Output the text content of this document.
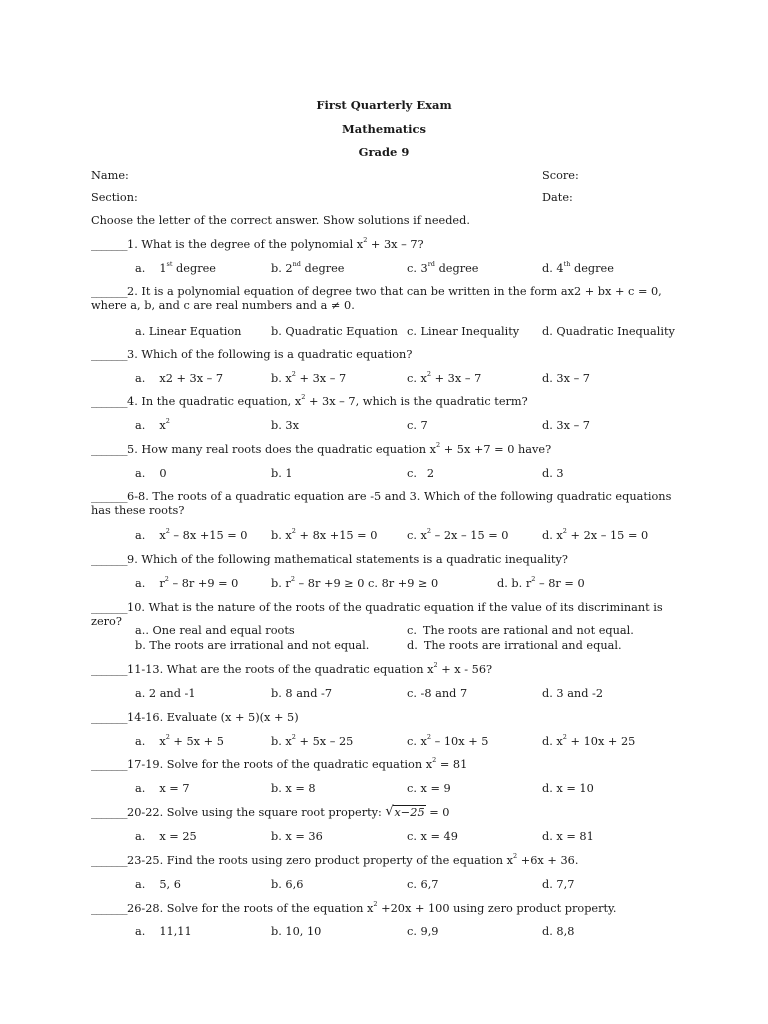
First Quarterly Exam
Mathematics
Grade 9
Name:	Score:
Section:	Date:
Choose the letter of the correct answer. Show solutions if needed.
_______1. What is the degree of the polynomial $x^2 + 3x - 7$?
a. 1st degree	b. 2nd degree	c. 3rd degree	d. 4th degree
_______2. It is a polynomial equation of degree two that can be written in the form ax2 + bx + c = 0,
where a, b, and c are real numbers and a ≠ 0.
a. Linear Equation	b. Quadratic Equation c. Linear Inequality d. Quadratic Inequality
_______3. Which of the following is a quadratic equation?
a. x2 + 3x – 7	b. $x^2 + 3x - 7$	c. $x^2 + 3x - 7$	d. 3x – 7
_______4. In the quadratic equation, $x^2 + 3x - 7$, which is the quadratic term?
a. $x^2$	b. 3x	c. 7	d. 3x – 7
_______5. How many real roots does the quadratic equation $x^2 + 5x +7 = 0$ have?
a. 0	b. 1	c. 2	d. 3
_______6-8. The roots of a quadratic equation are -5 and 3. Which of the following quadratic equations
has these roots?
a. $x^2 - 8x +15 = 0$ b. $x^2 + 8x +15 = 0$	c. $x^2 - 2x - 15 = 0$	d. $x^2 + 2x - 15 = 0$
_______9. Which of the following mathematical statements is a quadratic inequality?
a. $r^2 - 8r +9 = 0$	b. $r^2 - 8r +9 \ge 0$ c. 8r +9 ≥ 0	d. b. $r^2 - 8r = 0$
_______10. What is the nature of the roots of the quadratic equation if the value of its discriminant is zero?
a.. One real and equal roots	c. The roots are rational and not equal.
b. The roots are irrational and not equal.	d. The roots are irrational and equal.
_______11-13. What are the roots of the quadratic equation $x^2 + x - 56$?
a. 2 and -1	b. 8 and -7	c. -8 and 7	d. 3 and -2
_______14-16. Evaluate (x + 5)(x + 5)
a. $x^2 + 5x + 5$	b. $x^2 + 5x - 25$	c. $x^2 - 10x + 5$	d. $x^2 + 10x + 25$
_______17-19. Solve for the roots of the quadratic equation $x^2 = 81$
a. x = 7	b. x = 8	c. x = 9	d. x = 10
_______20-22. Solve using the square root property: √ x−25 = 0
a. x = 25	b. x = 36	c. x = 49	d. x = 81
_______23-25. Find the roots using zero product property of the equation $x^2 +6x + 36$.
a. 5, 6	b. 6,6	c. 6,7	d. 7,7
_______26-28. Solve for the roots of the equation $x^2 +20x + 100$ using zero product property.
a. 11,11	b. 10, 10	c. 9,9	d. 8,8
